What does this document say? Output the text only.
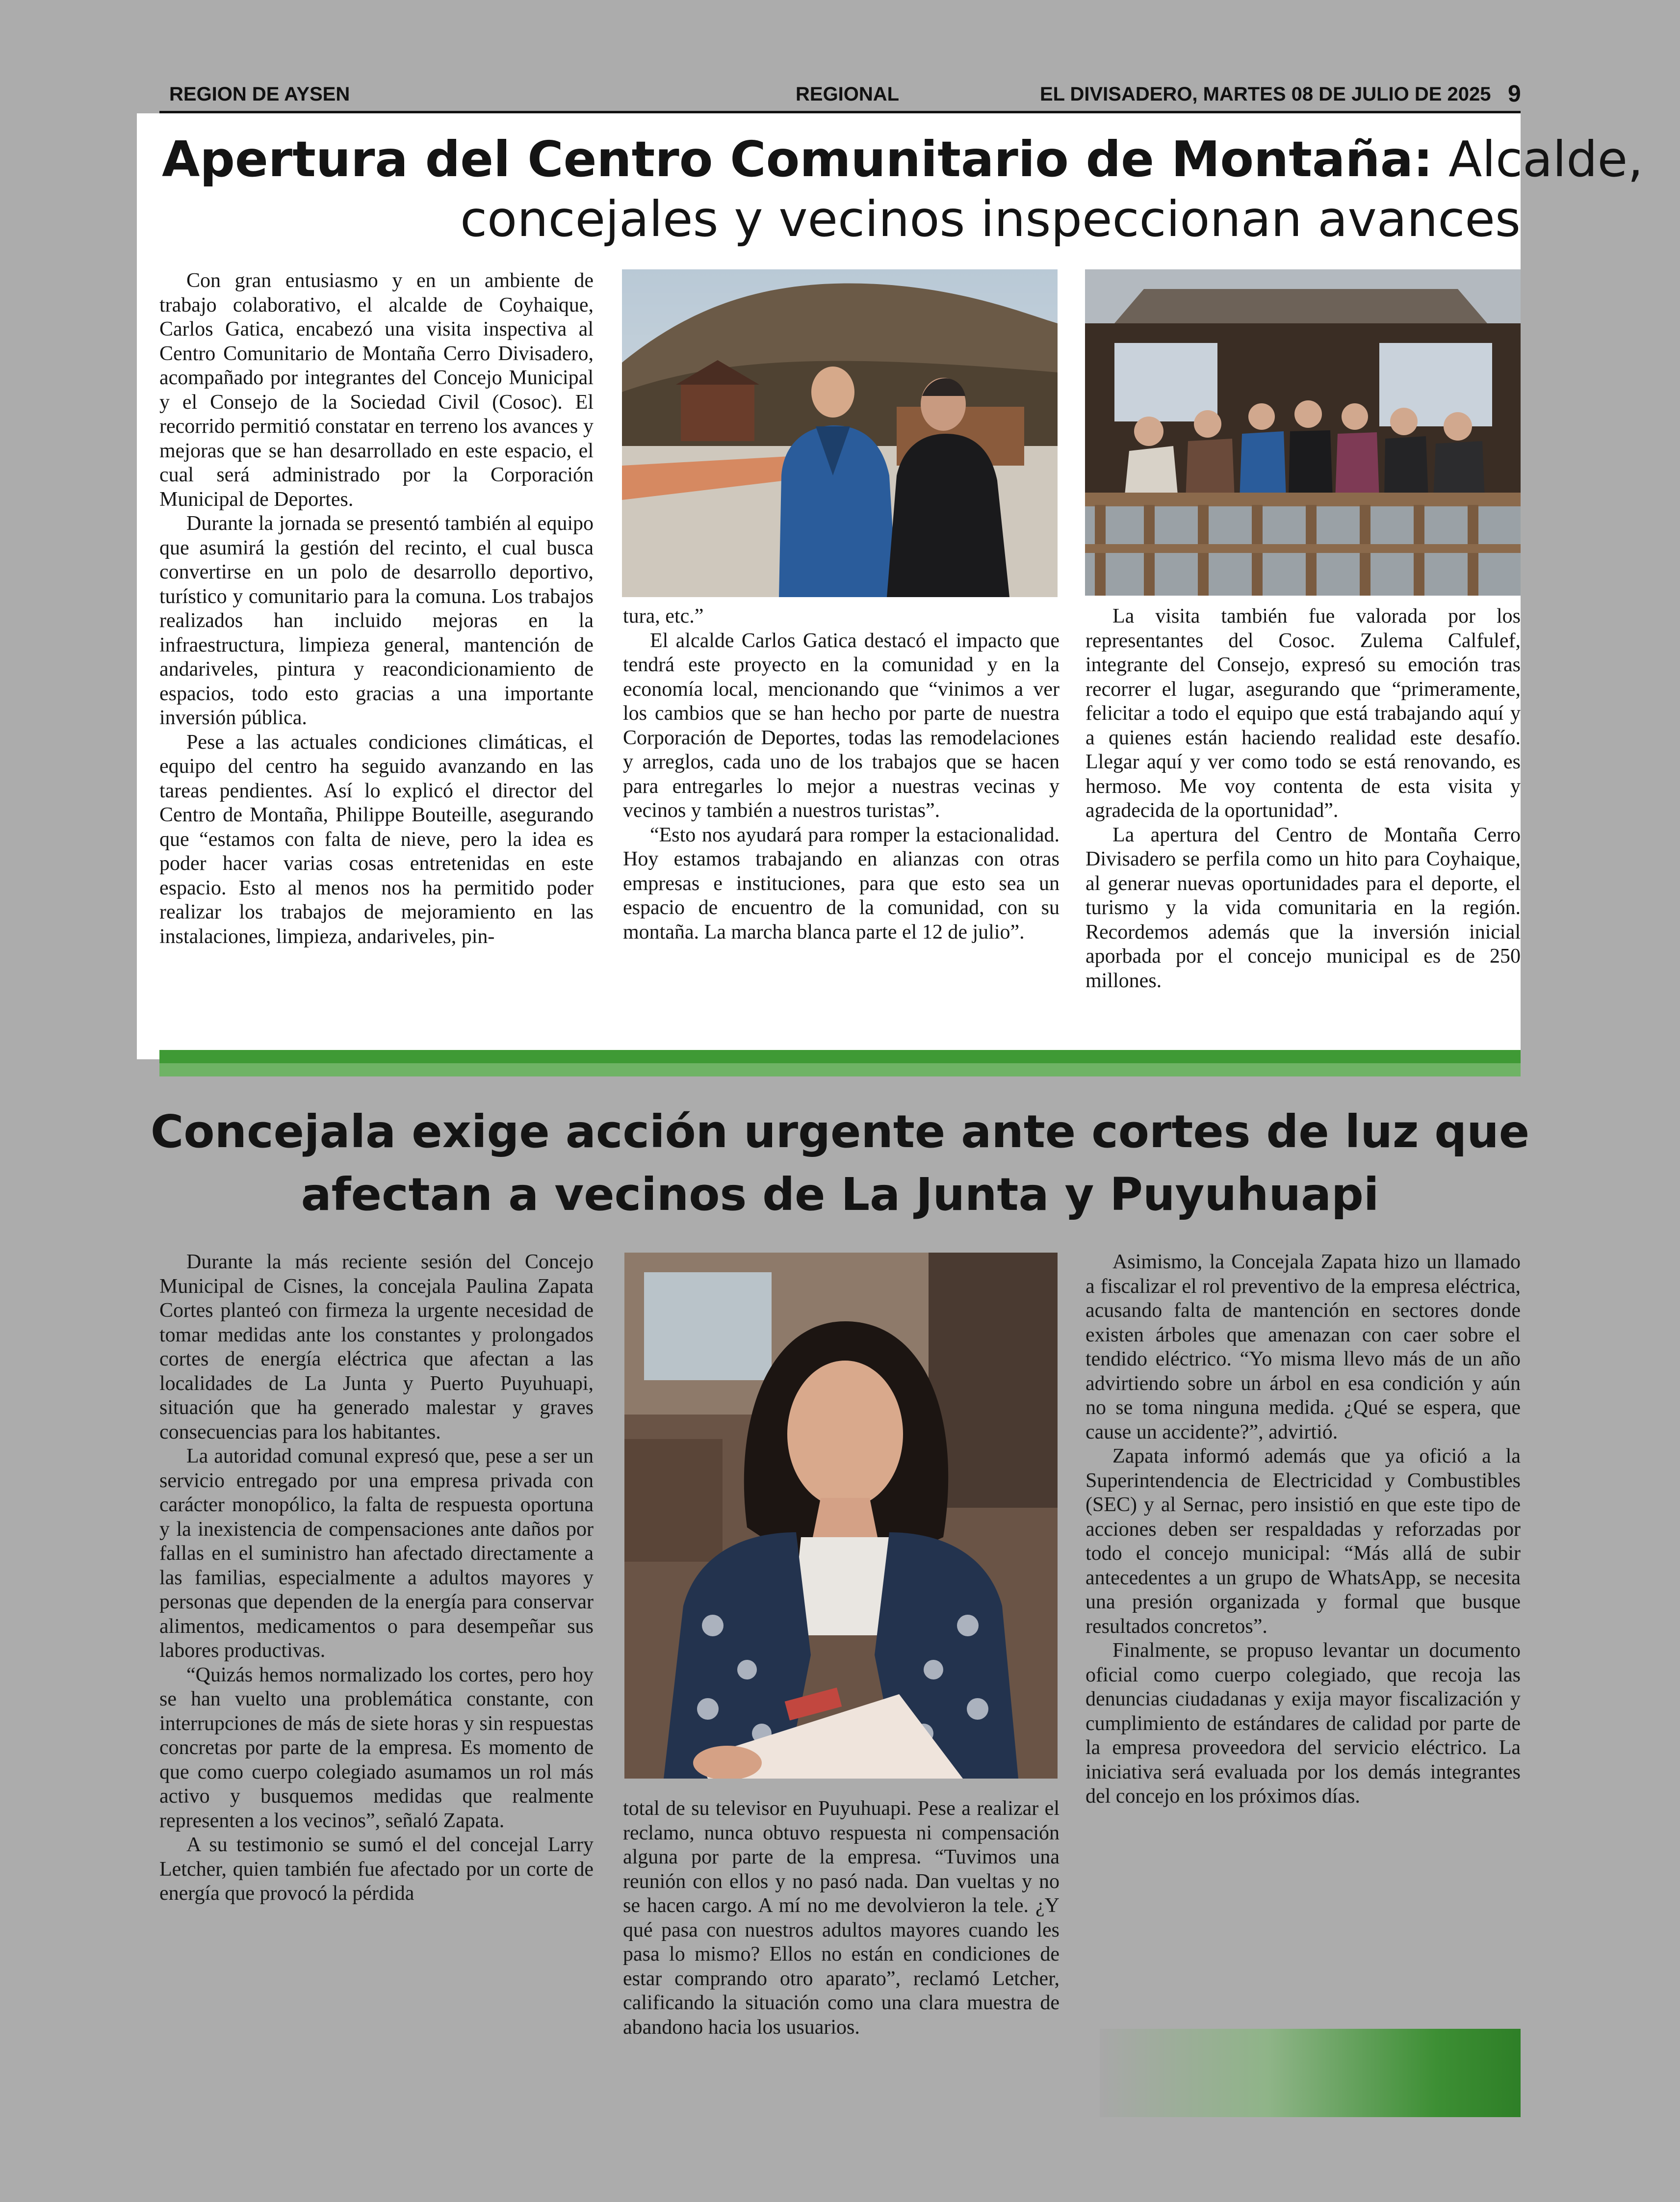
REGION DE AYSEN	REGIONAL	EL DIVISADERO, MARTES 08 DE JULIO DE 2025 9
Apertura del Centro Comunitario de Montaña: Alcalde,
concejales y vecinos inspeccionan avances

Con gran entusiasmo y en un ambiente de trabajo colaborativo, el alcalde de Coyhaique, Carlos Gatica, encabezó una visita inspectiva al Centro Comunitario de Montaña Cerro Divisadero, acompañado por integrantes del Concejo Municipal y el Consejo de la Sociedad Civil (Cosoc). El recorrido permitió constatar en terreno los avances y mejoras que se han desarrollado en este espacio, el cual será administrado por la Corporación Municipal de Deportes.

Durante la jornada se presentó también al equipo que asumirá la gestión del recinto, el cual busca convertirse en un polo de desarrollo deportivo, turístico y comunitario para la comuna. Los trabajos realizados han incluido mejoras en la infraestructura, limpieza general, mantención de andariveles, pintura y reacondicionamiento de espacios, todo esto gracias a una importante inversión pública.

Pese a las actuales condiciones climáticas, el equipo del centro ha seguido avanzando en las tareas pendientes. Así lo explicó el director del Centro de Montaña, Philippe Bouteille, asegurando que “estamos con falta de nieve, pero la idea es poder hacer varias cosas entretenidas en este espacio. Esto al menos nos ha permitido poder realizar los trabajos de mejoramiento en las instalaciones, limpieza, andariveles, pin-

tura, etc.”

El alcalde Carlos Gatica destacó el impacto que tendrá este proyecto en la comunidad y en la economía local, mencionando que “vinimos a ver los cambios que se han hecho por parte de nuestra Corporación de Deportes, todas las remodelaciones y arreglos, cada uno de los trabajos que se hacen para entregarles lo mejor a nuestras vecinas y vecinos y también a nuestros turistas”.

“Esto nos ayudará para romper la estacionalidad. Hoy estamos trabajando en alianzas con otras empresas e instituciones, para que esto sea un espacio de encuentro de la comunidad, con su montaña. La marcha blanca parte el 12 de julio”.

La visita también fue valorada por los representantes del Cosoc. Zulema Calfulef, integrante del Consejo, expresó su emoción tras recorrer el lugar, asegurando que “primeramente, felicitar a todo el equipo que está trabajando aquí y a quienes están haciendo realidad este desafío. Llegar aquí y ver como todo se está renovando, es hermoso. Me voy contenta de esta visita y agradecida de la oportunidad”.

La apertura del Centro de Montaña Cerro Divisadero se perfila como un hito para Coyhaique, al generar nuevas oportunidades para el deporte, el turismo y la vida comunitaria en la región. Recordemos además que la inversión inicial aporbada por el concejo municipal es de 250 millones.

Concejala exige acción urgente ante cortes de luz que
afectan a vecinos de La Junta y Puyuhuapi

Durante la más reciente sesión del Concejo Municipal de Cisnes, la concejala Paulina Zapata Cortes planteó con firmeza la urgente necesidad de tomar medidas ante los constantes y prolongados cortes de energía eléctrica que afectan a las localidades de La Junta y Puerto Puyuhuapi, situación que ha generado malestar y graves consecuencias para los habitantes.

La autoridad comunal expresó que, pese a ser un servicio entregado por una empresa privada con carácter monopólico, la falta de respuesta oportuna y la inexistencia de compensaciones ante daños por fallas en el suministro han afectado directamente a las familias, especialmente a adultos mayores y personas que dependen de la energía para conservar alimentos, medicamentos o para desempeñar sus labores productivas.

“Quizás hemos normalizado los cortes, pero hoy se han vuelto una problemática constante, con interrupciones de más de siete horas y sin respuestas concretas por parte de la empresa. Es momento de que como cuerpo colegiado asumamos un rol más activo y busquemos medidas que realmente representen a los vecinos”, señaló Zapata.

A su testimonio se sumó el del concejal Larry Letcher, quien también fue afectado por un corte de energía que provocó la pérdida

total de su televisor en Puyuhuapi. Pese a realizar el reclamo, nunca obtuvo respuesta ni compensación alguna por parte de la empresa. “Tuvimos una reunión con ellos y no pasó nada. Dan vueltas y no se hacen cargo. A mí no me devolvieron la tele. ¿Y qué pasa con nuestros adultos mayores cuando les pasa lo mismo? Ellos no están en condiciones de estar comprando otro aparato”, reclamó Letcher, calificando la situación como una clara muestra de abandono hacia los usuarios.

Asimismo, la Concejala Zapata hizo un llamado a fiscalizar el rol preventivo de la empresa eléctrica, acusando falta de mantención en sectores donde existen árboles que amenazan con caer sobre el tendido eléctrico. “Yo misma llevo más de un año advirtiendo sobre un árbol en esa condición y aún no se toma ninguna medida. ¿Qué se espera, que cause un accidente?”, advirtió.

Zapata informó además que ya ofició a la Superintendencia de Electricidad y Combustibles (SEC) y al Sernac, pero insistió en que este tipo de acciones deben ser respaldadas y reforzadas por todo el concejo municipal: “Más allá de subir antecedentes a un grupo de WhatsApp, se necesita una presión organizada y formal que busque resultados concretos”.

Finalmente, se propuso levantar un documento oficial como cuerpo colegiado, que recoja las denuncias ciudadanas y exija mayor fiscalización y cumplimiento de estándares de calidad por parte de la empresa proveedora del servicio eléctrico. La iniciativa será evaluada por los demás integrantes del concejo en los próximos días.
